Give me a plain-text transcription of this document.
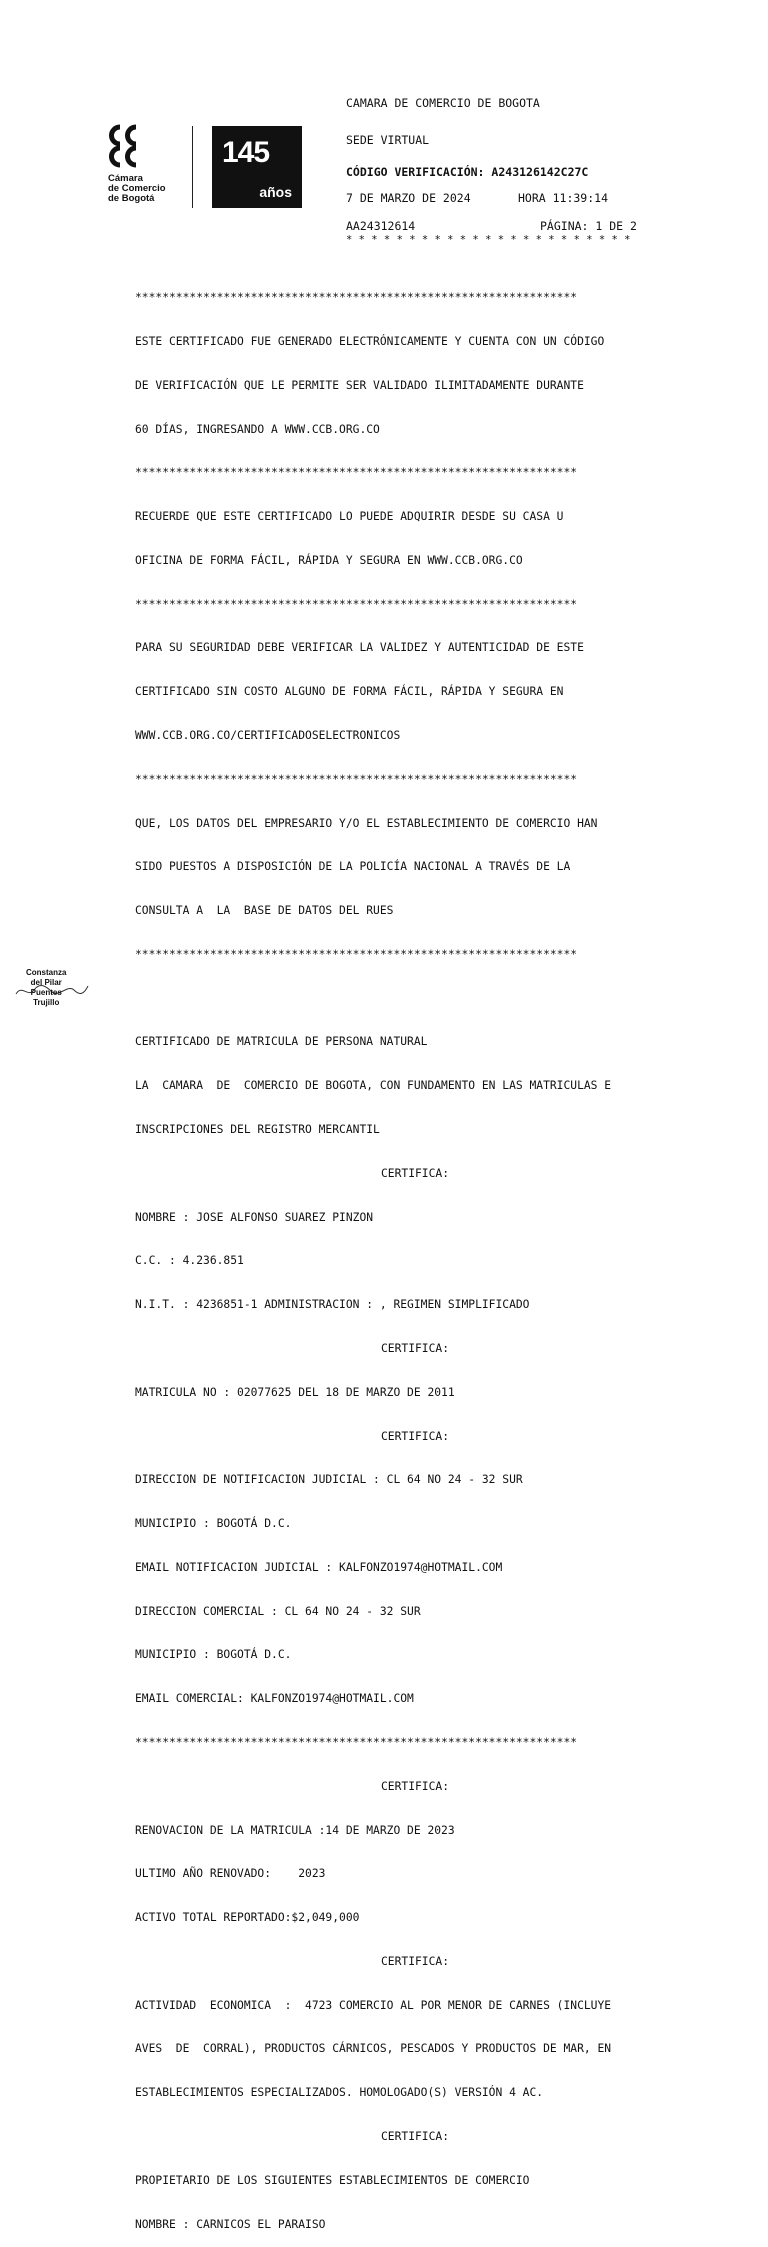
CAMARA DE COMERCIO DE BOGOTA
SEDE VIRTUAL
CÓDIGO VERIFICACIÓN: A243126142C27C
7 DE MARZO DE 2024	HORA 11:39:14
AA24312614	PÁGINA: 1 DE 2
* * * * * * * * * * * * * * * * * * * * * * *
Cámara
de Comercio
de Bogotá
145
años

*****************************************************************

ESTE CERTIFICADO FUE GENERADO ELECTRÓNICAMENTE Y CUENTA CON UN CÓDIGO

DE VERIFICACIÓN QUE LE PERMITE SER VALIDADO ILIMITADAMENTE DURANTE

60 DÍAS, INGRESANDO A WWW.CCB.ORG.CO

*****************************************************************

RECUERDE QUE ESTE CERTIFICADO LO PUEDE ADQUIRIR DESDE SU CASA U

OFICINA DE FORMA FÁCIL, RÁPIDA Y SEGURA EN WWW.CCB.ORG.CO

*****************************************************************

PARA SU SEGURIDAD DEBE VERIFICAR LA VALIDEZ Y AUTENTICIDAD DE ESTE

CERTIFICADO SIN COSTO ALGUNO DE FORMA FÁCIL, RÁPIDA Y SEGURA EN

WWW.CCB.ORG.CO/CERTIFICADOSELECTRONICOS

*****************************************************************

QUE, LOS DATOS DEL EMPRESARIO Y/O EL ESTABLECIMIENTO DE COMERCIO HAN

SIDO PUESTOS A DISPOSICIÓN DE LA POLICÍA NACIONAL A TRAVÉS DE LA

CONSULTA A  LA  BASE DE DATOS DEL RUES

*****************************************************************

CERTIFICADO DE MATRICULA DE PERSONA NATURAL

LA  CAMARA  DE  COMERCIO DE BOGOTA, CON FUNDAMENTO EN LAS MATRICULAS E

INSCRIPCIONES DEL REGISTRO MERCANTIL

CERTIFICA:

NOMBRE : JOSE ALFONSO SUAREZ PINZON

C.C. : 4.236.851

N.I.T. : 4236851-1 ADMINISTRACION : , REGIMEN SIMPLIFICADO

CERTIFICA:

MATRICULA NO : 02077625 DEL 18 DE MARZO DE 2011

CERTIFICA:

DIRECCION DE NOTIFICACION JUDICIAL : CL 64 NO 24 - 32 SUR

MUNICIPIO : BOGOTÁ D.C.

EMAIL NOTIFICACION JUDICIAL : KALFONZO1974@HOTMAIL.COM

DIRECCION COMERCIAL : CL 64 NO 24 - 32 SUR

MUNICIPIO : BOGOTÁ D.C.

EMAIL COMERCIAL: KALFONZO1974@HOTMAIL.COM

*****************************************************************

CERTIFICA:

RENOVACION DE LA MATRICULA :14 DE MARZO DE 2023

ULTIMO AÑO RENOVADO:    2023

ACTIVO TOTAL REPORTADO:$2,049,000

CERTIFICA:

ACTIVIDAD  ECONOMICA  :  4723 COMERCIO AL POR MENOR DE CARNES (INCLUYE

AVES  DE  CORRAL), PRODUCTOS CÁRNICOS, PESCADOS Y PRODUCTOS DE MAR, EN

ESTABLECIMIENTOS ESPECIALIZADOS. HOMOLOGADO(S) VERSIÓN 4 AC.

CERTIFICA:

PROPIETARIO DE LOS SIGUIENTES ESTABLECIMIENTOS DE COMERCIO

NOMBRE : CARNICOS EL PARAISO

Constanza
del Pilar
Puentes
Trujillo
